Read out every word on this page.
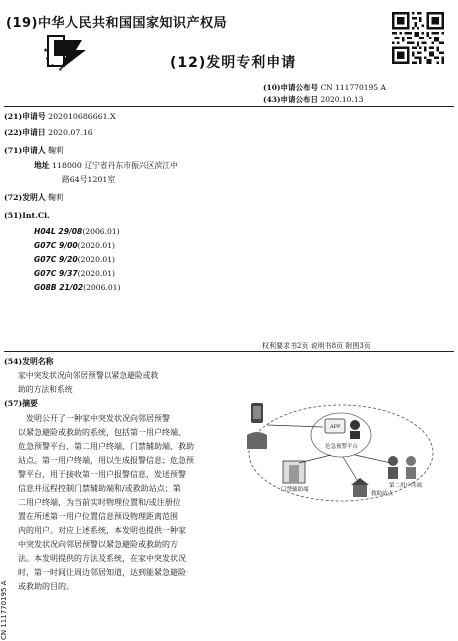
(19)中华人民共和国国家知识产权局
★
★
★
★	(12)发明专利申请
(10)申请公布号 CN 111770195 A
(43)申请公布日 2020.10.13
(21)申请号 202010686661.X
(22)申请日 2020.07.16
(71)申请人 鞠莉
地址 118000 辽宁省丹东市振兴区滨江中
路64号1201室
(72)发明人 鞠莉
(51)Int.Cl.
H04L 29/08(2006.01)
G07C 9/00(2020.01)
G07C 9/20(2020.01)
G07C 9/37(2020.01)
G08B 21/02(2006.01)
权利要求书2页 说明书8页 附图3页
(54)发明名称
家中突发状况向邻居预警以紧急避险或救
助的方法和系统
(57)摘要
发明公开了一种家中突发状况向邻居预警
以紧急避险或救助的系统，包括第一用户终端、
危急预警平台、第二用户终端、门禁辅助端、救助
站点。第一用户终端，用以生成报警信息；危急预
警平台，用于接收第一用户报警信息，发送预警
信息并远程控制门禁辅助端和/或救助站点；第
二用户终端，为当前实时物理位置和/或注册位
置在所述第一用户位置信息预设物理距离范围
内的用户。对应上述系统，本发明也提供一种家
中突发状况向邻居预警以紧急避险或救助的方
法。本发明提供的方法及系统，在家中突发状况
时，第一时间让周边邻居知道，达到能紧急避险
或救助的目的。
APP
危急预警平台
门禁辅助端
第二用户终端
救助站点
CN 111770195 A
